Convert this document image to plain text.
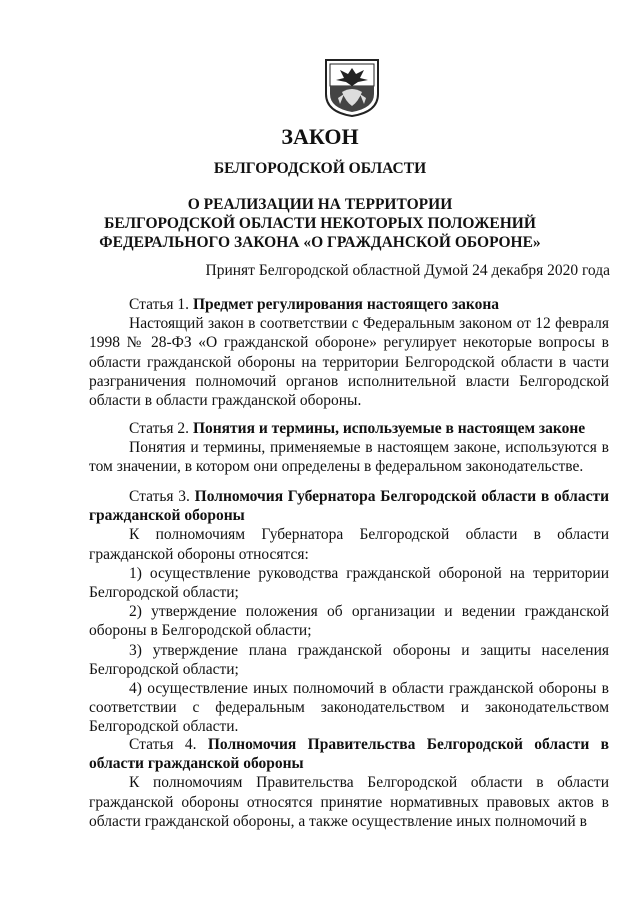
ЗАКОН
БЕЛГОРОДСКОЙ ОБЛАСТИ
О РЕАЛИЗАЦИИ НА ТЕРРИТОРИИ
БЕЛГОРОДСКОЙ ОБЛАСТИ НЕКОТОРЫХ ПОЛОЖЕНИЙ
ФЕДЕРАЛЬНОГО ЗАКОНА «О ГРАЖДАНСКОЙ ОБОРОНЕ»
Принят Белгородской областной Думой 24 декабря 2020 года

Статья 1. Предмет регулирования настоящего закона

Настоящий закон в соответствии с Федеральным законом от 12 февраля 1998 № 28-ФЗ «О гражданской обороне» регулирует некоторые вопросы в области гражданской обороны на территории Белгородской области в части разграничения полномочий органов исполнительной власти Белгородской области в области гражданской обороны.

Статья 2. Понятия и термины, используемые в настоящем законе

Понятия и термины, применяемые в настоящем законе, используются в том значении, в котором они определены в федеральном законодательстве.

Статья 3. Полномочия Губернатора Белгородской области в области гражданской обороны

К полномочиям Губернатора Белгородской области в области гражданской обороны относятся:

1) осуществление руководства гражданской обороной на территории Белгородской области;

2) утверждение положения об организации и ведении гражданской обороны в Белгородской области;

3) утверждение плана гражданской обороны и защиты населения Белгородской области;

4) осуществление иных полномочий в области гражданской обороны в соответствии с федеральным законодательством и законодательством Белгородской области.

Статья 4. Полномочия Правительства Белгородской области в области гражданской обороны

К полномочиям Правительства Белгородской области в области гражданской обороны относятся принятие нормативных правовых актов в области гражданской обороны, а также осуществление иных полномочий в
